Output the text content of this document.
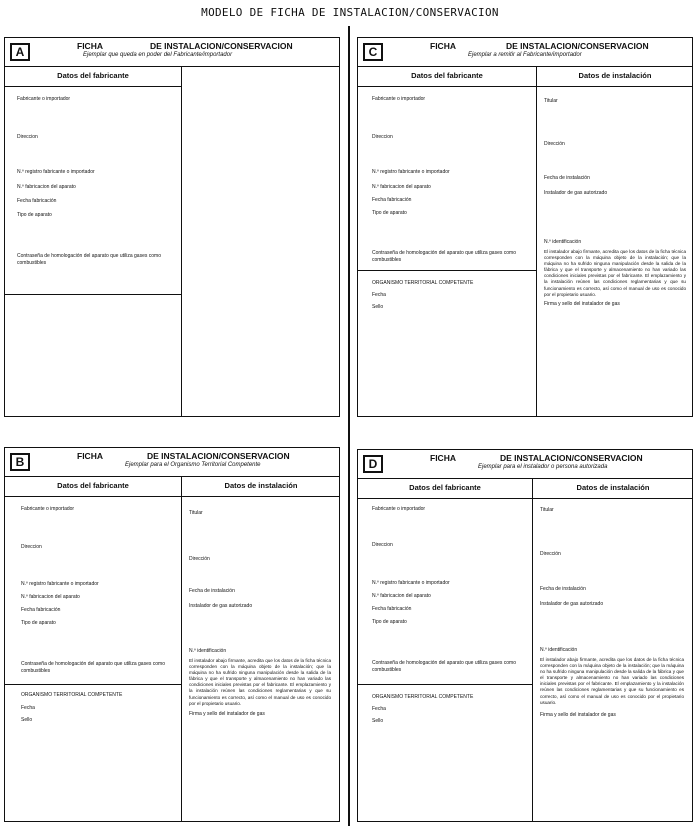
MODELO DE FICHA DE INSTALACION/CONSERVACION
A	FICHA	DE INSTALACION/CONSERVACION
Ejemplar que queda en poder del Fabricante/importador
Datos del fabricante
Fabricante o importador
Direccion
N.º registro fabricante o importador
N.º fabricacion del aparato
Fecha fabricación
Tipo de aparato
Contraseña de homologación del aparato que utiliza gases como combustibles
C	FICHA	DE INSTALACION/CONSERVACION
Ejemplar a remitir al Fabricante/importador
Datos del fabricante	Datos de instalación
Fabricante o importador
Direccion
N.º registro fabricante o importador
N.º fabricacion del aparato
Fecha fabricación
Tipo de aparato
Contraseña de homologación del aparato que utiliza gases como combustibles
ORGANISMO TERRITORIAL COMPETENTE
Fecha
Sello
Titular
Dirección
Fecha de instalación
Instalador de gas autorizado
N.º identificación
El instalador abajo firmante, acredita que los datos de la ficha técnica corresponden con la máquina objeto de la instalación; que la máquina no ha sufrido ninguna manipulación desde la salida de la fábrica y que el transporte y almacenamiento no han variado las condiciones iniciales previstas por el fabricante. El emplazamiento y la instalación reúnen las condiciones reglamentarias y que su funcionamiento es correcto, así como el manual de uso es conocido por el propietario usuario.
Firma y sello del instalador de gas
B	FICHA	DE INSTALACION/CONSERVACION
Ejemplar para el Organismo Territorial Competente
Datos del fabricante	Datos de instalación
Fabricante o importador
Direccion
N.º registro fabricante o importador
N.º fabricacion del aparato
Fecha fabricación
Tipo de aparato
Contraseña de homologación del aparato que utiliza gases como combustibles
ORGANISMO TERRITORIAL COMPETENTE
Fecha
Sello
Titular
Dirección
Fecha de instalación
Instalador de gas autorizado
N.º identificación
El instalador abajo firmante, acredita que los datos de la ficha técnica corresponden con la máquina objeto de la instalación; que la máquina no ha sufrido ninguna manipulación desde la salida de la fábrica y que el transporte y almacenamiento no han variado las condiciones iniciales previstas por el fabricante. El emplazamiento y la instalación reúnen las condiciones reglamentarias y que su funcionamiento es correcto, así como el manual de uso es conocido por el propietario usuario.
Firma y sello del instalador de gas
D	FICHA	DE INSTALACION/CONSERVACION
Ejemplar para el instalador o persona autorizada
Datos del fabricante	Datos de instalación
Fabricante o importador
Direccion
N.º registro fabricante o importador
N.º fabricacion del aparato
Fecha fabricación
Tipo de aparato
Contraseña de homologación del aparato que utiliza gases como combustibles
ORGANISMO TERRITORIAL COMPETENTE
Fecha
Sello
Titular
Dirección
Fecha de instalación
Instalador de gas autorizado
N.º identificación
El instalador abajo firmante, acredita que los datos de la ficha técnica corresponden con la máquina objeto de la instalación; que la máquina no ha sufrido ninguna manipulación desde la salida de la fábrica y que el transporte y almacenamiento no han variado las condiciones iniciales previstas por el fabricante. El emplazamiento y la instalación reúnen las condiciones reglamentarias y que su funcionamiento es correcto, así como el manual de uso es conocido por el propietario usuario.
Firma y sello del instalador de gas
